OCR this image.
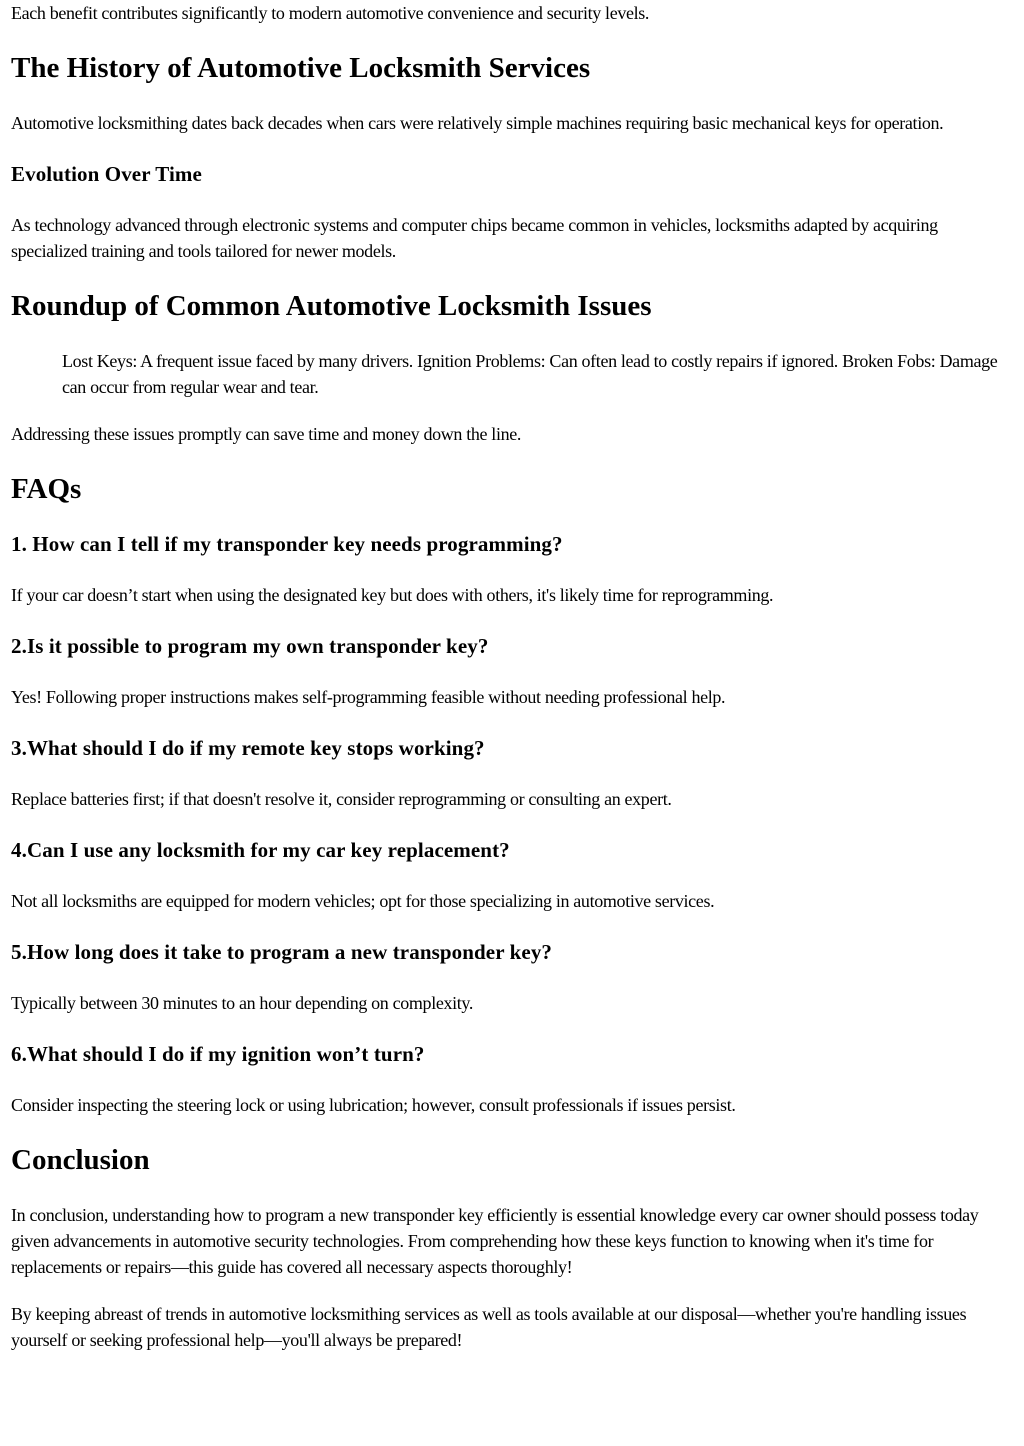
Each benefit contributes significantly to modern automotive convenience and security levels.

The History of Automotive Locksmith Services

Automotive locksmithing dates back decades when cars were relatively simple machines requiring basic mechanical keys for operation.

Evolution Over Time

As technology advanced through electronic systems and computer chips became common in vehicles, locksmiths adapted by acquiring specialized training and tools tailored for newer models.

Roundup of Common Automotive Locksmith Issues

Lost Keys: A frequent issue faced by many drivers. Ignition Problems: Can often lead to costly repairs if ignored. Broken Fobs: Damage can occur from regular wear and tear.

Addressing these issues promptly can save time and money down the line.

FAQs
1. How can I tell if my transponder key needs programming?

If your car doesn’t start when using the designated key but does with others, it's likely time for reprogramming.

2.Is it possible to program my own transponder key?

Yes! Following proper instructions makes self-programming feasible without needing professional help.

3.What should I do if my remote key stops working?

Replace batteries first; if that doesn't resolve it, consider reprogramming or consulting an expert.

4.Can I use any locksmith for my car key replacement?

Not all locksmiths are equipped for modern vehicles; opt for those specializing in automotive services.

5.How long does it take to program a new transponder key?

Typically between 30 minutes to an hour depending on complexity.

6.What should I do if my ignition won’t turn?

Consider inspecting the steering lock or using lubrication; however, consult professionals if issues persist.

Conclusion

In conclusion, understanding how to program a new transponder key efficiently is essential knowledge every car owner should possess today given advancements in automotive security technologies. From comprehending how these keys function to knowing when it's time for replacements or repairs—this guide has covered all necessary aspects thoroughly!

By keeping abreast of trends in automotive locksmithing services as well as tools available at our disposal—whether you're handling issues yourself or seeking professional help—you'll always be prepared!
